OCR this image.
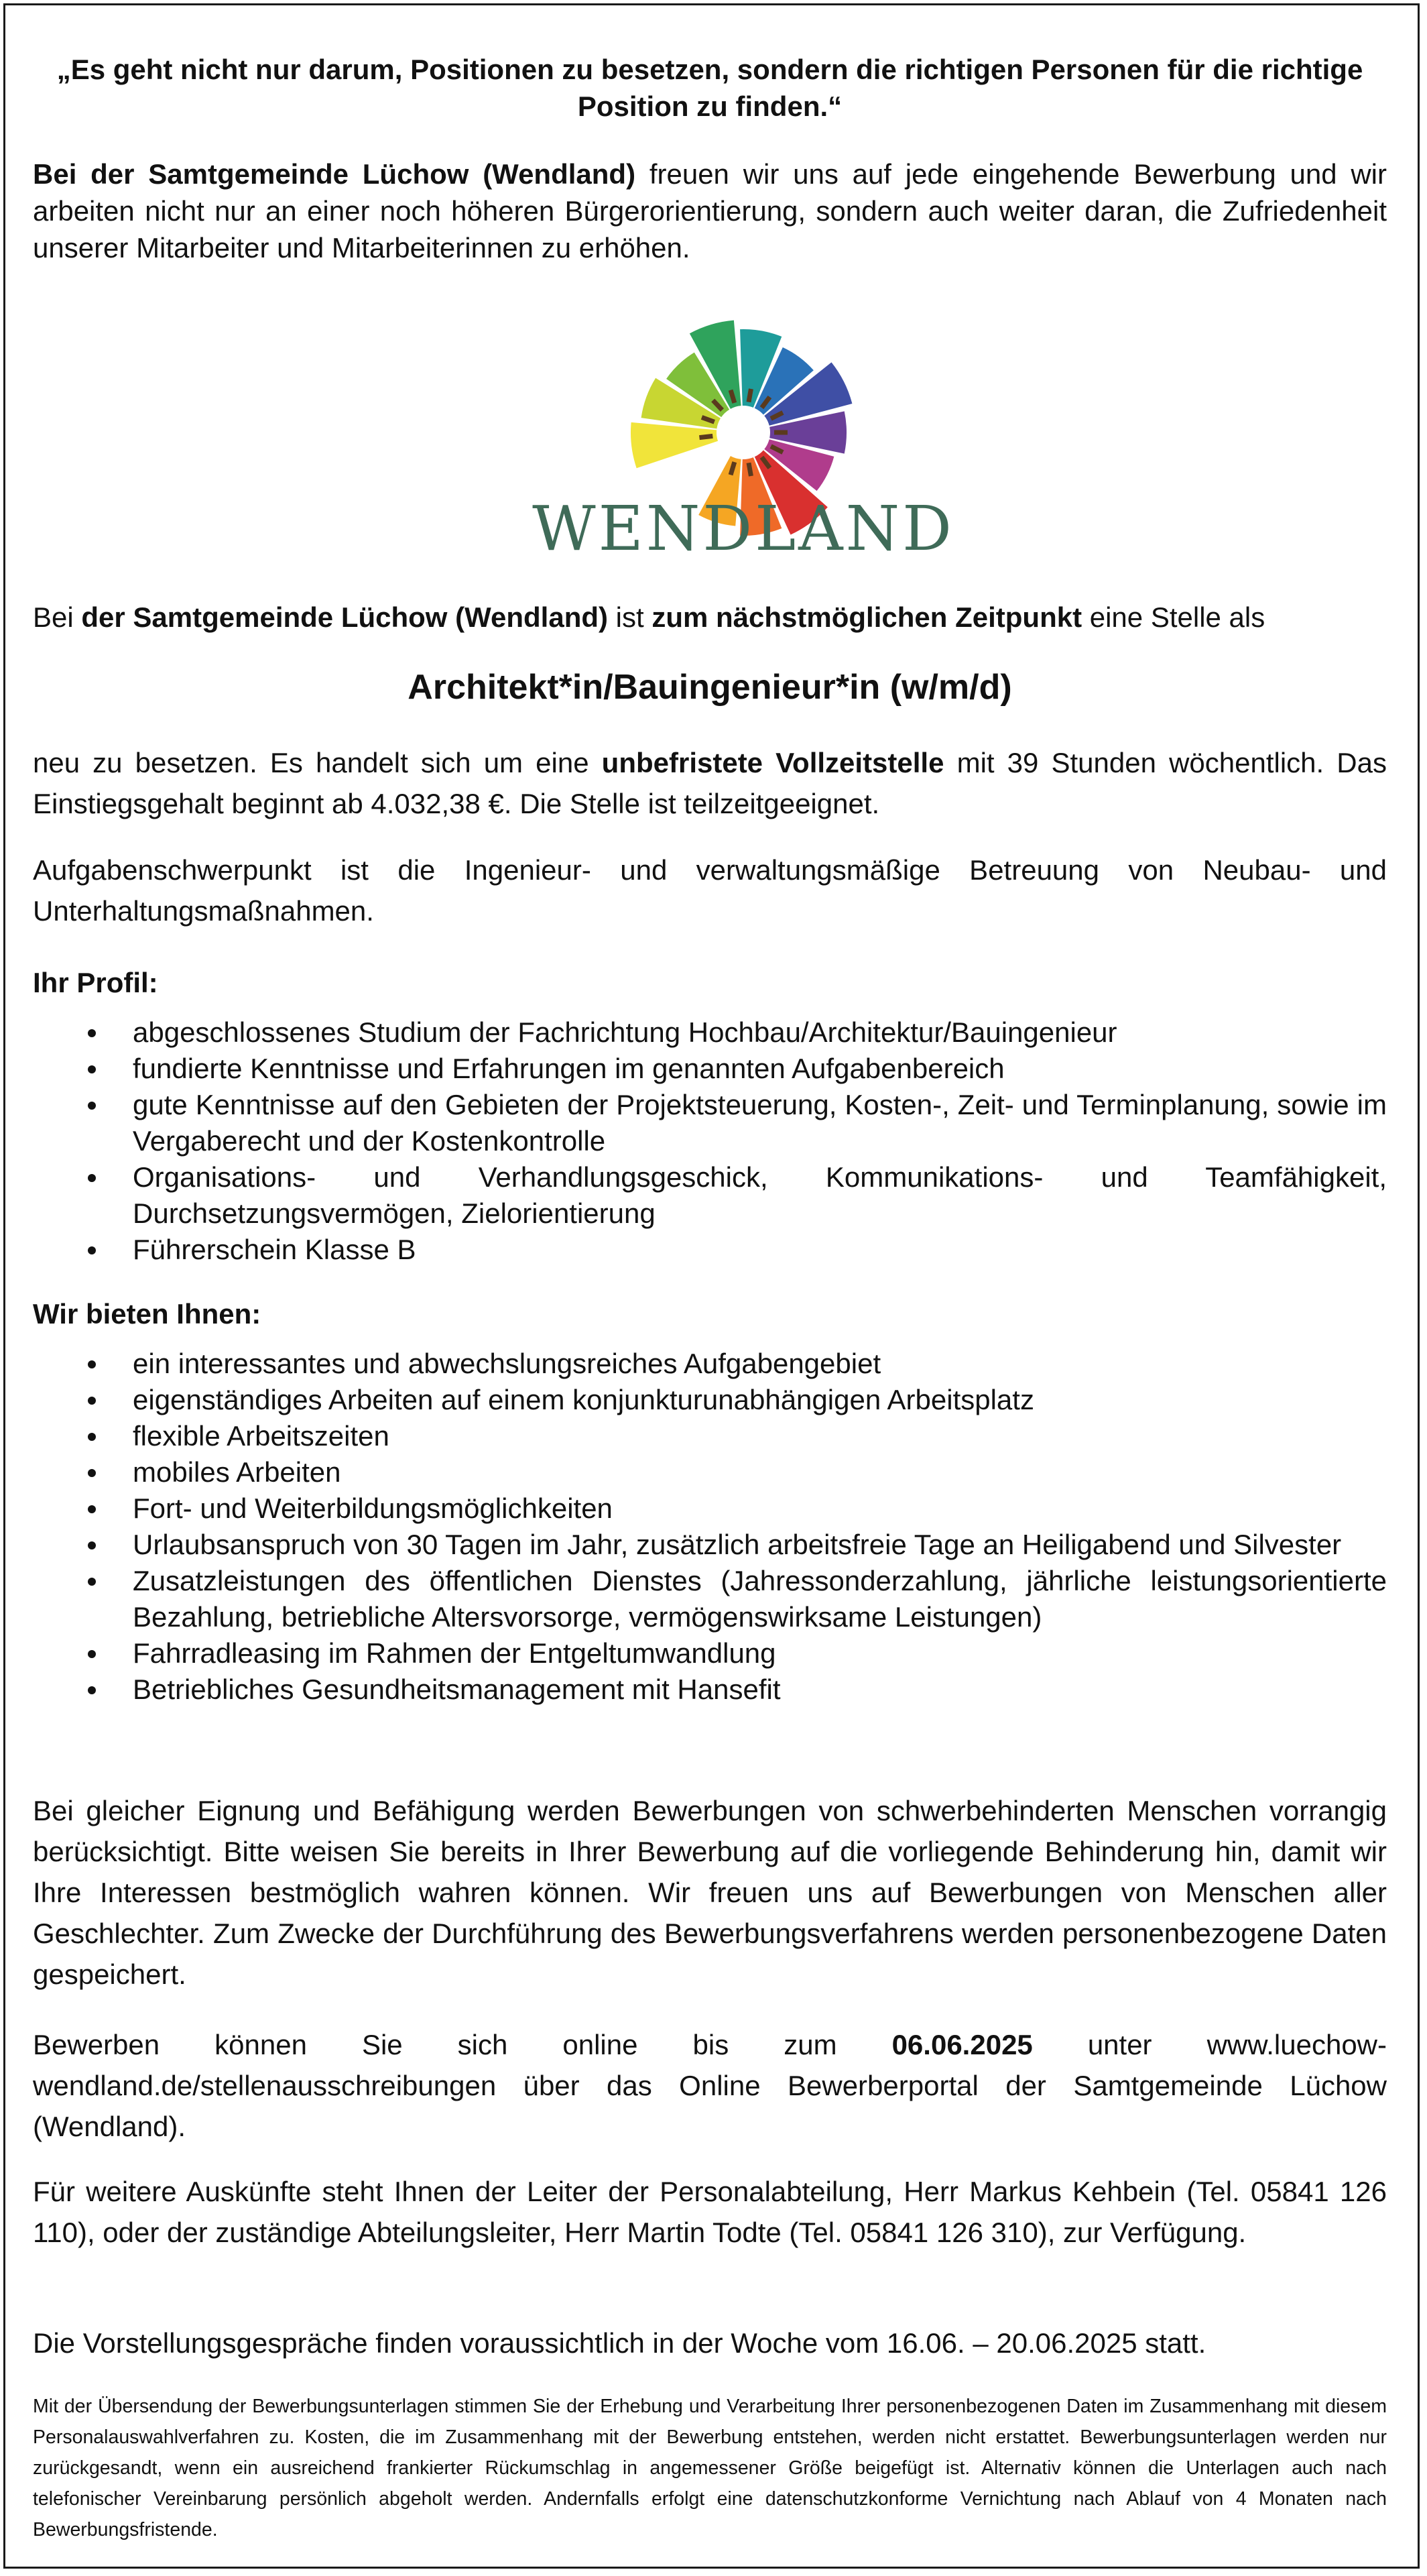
„Es geht nicht nur darum, Positionen zu besetzen, sondern die richtigen Personen für die richtige Position zu finden.“

Bei der Samtgemeinde Lüchow (Wendland) freuen wir uns auf jede eingehende Bewerbung und wir arbeiten nicht nur an einer noch höheren Bürgerorientierung, sondern auch weiter daran, die Zufriedenheit unserer Mitarbeiter und Mitarbeiterinnen zu erhöhen.

WENDLAND

Bei der Samtgemeinde Lüchow (Wendland) ist zum nächstmöglichen Zeitpunkt eine Stelle als

Architekt*in/Bauingenieur*in (w/m/d)

neu zu besetzen. Es handelt sich um eine unbefristete Vollzeitstelle mit 39 Stunden wöchentlich. Das Einstiegsgehalt beginnt ab 4.032,38 €. Die Stelle ist teilzeitgeeignet.

Aufgabenschwerpunkt ist die Ingenieur- und verwaltungsmäßige Betreuung von Neubau- und Unterhaltungsmaßnahmen.

Ihr Profil:

abgeschlossenes Studium der Fachrichtung Hochbau/Architektur/Bauingenieur
fundierte Kenntnisse und Erfahrungen im genannten Aufgabenbereich
gute Kenntnisse auf den Gebieten der Projektsteuerung, Kosten-, Zeit- und Terminplanung, sowie im Vergaberecht und der Kostenkontrolle
Organisations- und Verhandlungsgeschick, Kommunikations- und Teamfähigkeit, Durchsetzungsvermögen, Zielorientierung
Führerschein Klasse B

Wir bieten Ihnen:

ein interessantes und abwechslungsreiches Aufgabengebiet
eigenständiges Arbeiten auf einem konjunkturunabhängigen Arbeitsplatz
flexible Arbeitszeiten
mobiles Arbeiten
Fort- und Weiterbildungsmöglichkeiten
Urlaubsanspruch von 30 Tagen im Jahr, zusätzlich arbeitsfreie Tage an Heiligabend und Silvester
Zusatzleistungen des öffentlichen Dienstes (Jahressonderzahlung, jährliche leistungsorientierte Bezahlung, betriebliche Altersvorsorge, vermögenswirksame Leistungen)
Fahrradleasing im Rahmen der Entgeltumwandlung
Betriebliches Gesundheitsmanagement mit Hansefit

Bei gleicher Eignung und Befähigung werden Bewerbungen von schwerbehinderten Menschen vorrangig berücksichtigt. Bitte weisen Sie bereits in Ihrer Bewerbung auf die vorliegende Behinderung hin, damit wir Ihre Interessen bestmöglich wahren können. Wir freuen uns auf Bewerbungen von Menschen aller Geschlechter. Zum Zwecke der Durchführung des Bewerbungsverfahrens werden personenbezogene Daten gespeichert.

Bewerben können Sie sich online bis zum 06.06.2025 unter www.luechow-wendland.de/stellenausschreibungen über das Online Bewerberportal der Samtgemeinde Lüchow (Wendland).

Für weitere Auskünfte steht Ihnen der Leiter der Personalabteilung, Herr Markus Kehbein (Tel. 05841 126 110), oder der zuständige Abteilungsleiter, Herr Martin Todte (Tel. 05841 126 310), zur Verfügung.

Die Vorstellungsgespräche finden voraussichtlich in der Woche vom 16.06. – 20.06.2025 statt.

Mit der Übersendung der Bewerbungsunterlagen stimmen Sie der Erhebung und Verarbeitung Ihrer personenbezogenen Daten im Zusammenhang mit diesem Personalauswahlverfahren zu. Kosten, die im Zusammenhang mit der Bewerbung entstehen, werden nicht erstattet. Bewerbungsunterlagen werden nur zurückgesandt, wenn ein ausreichend frankierter Rückumschlag in angemessener Größe beigefügt ist. Alternativ können die Unterlagen auch nach telefonischer Vereinbarung persönlich abgeholt werden. Andernfalls erfolgt eine datenschutzkonforme Vernichtung nach Ablauf von 4 Monaten nach Bewerbungsfristende.
